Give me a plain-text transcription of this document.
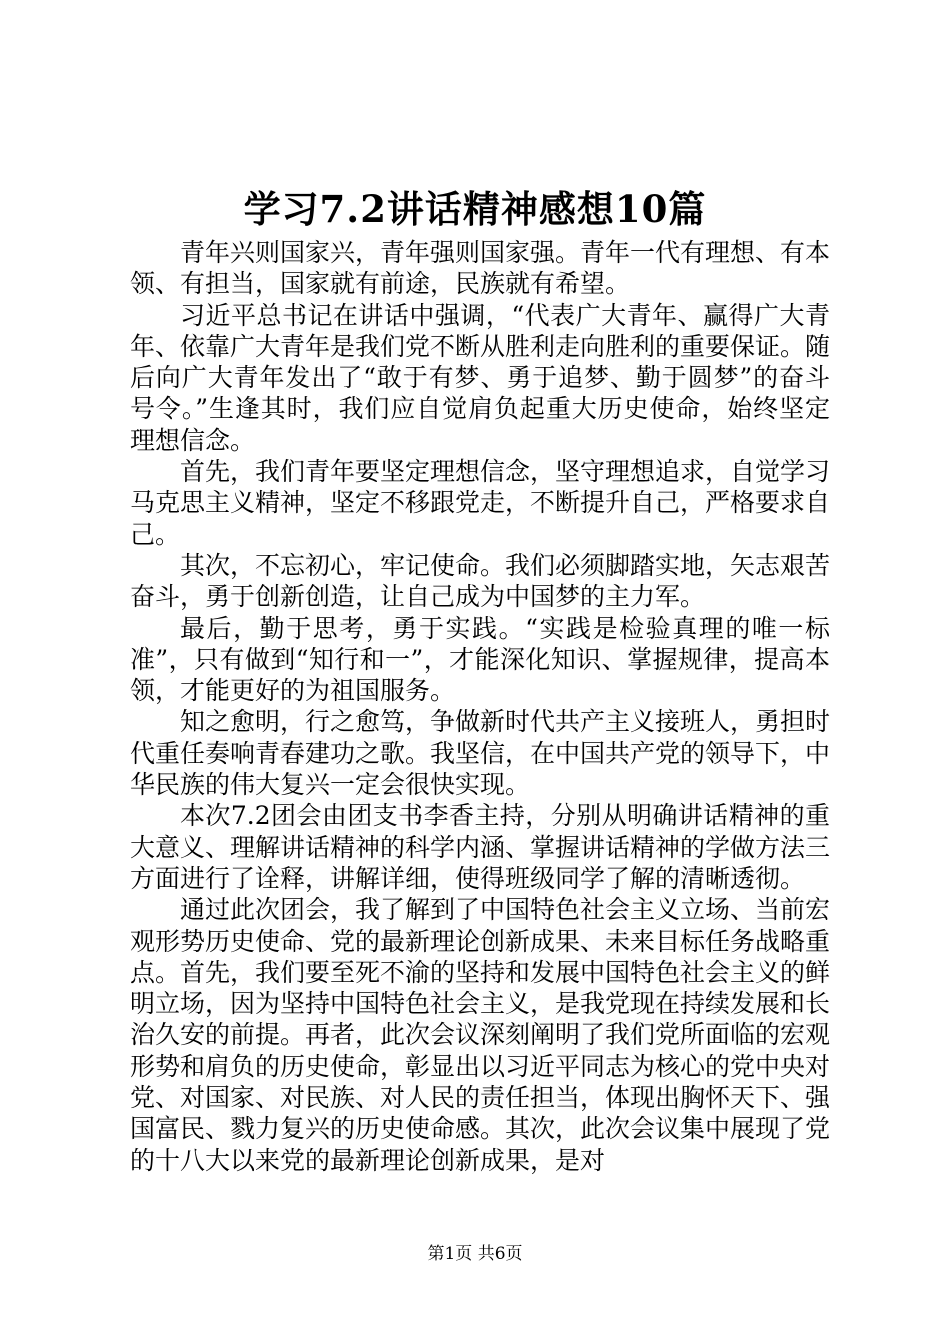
学习7.2讲话精神感想10篇

青年兴则国家兴，青年强则国家强。青年一代有理想、有本领、有担当，国家就有前途，民族就有希望。

习近平总书记在讲话中强调，“代表广大青年、赢得广大青年、依靠广大青年是我们党不断从胜利走向胜利的重要保证。随后向广大青年发出了“敢于有梦、勇于追梦、勤于圆梦”的奋斗号令。”生逢其时，我们应自觉肩负起重大历史使命，始终坚定理想信念。

首先，我们青年要坚定理想信念，坚守理想追求，自觉学习马克思主义精神，坚定不移跟党走，不断提升自己，严格要求自己。

其次，不忘初心，牢记使命。我们必须脚踏实地，矢志艰苦奋斗，勇于创新创造，让自己成为中国梦的主力军。

最后，勤于思考，勇于实践。“实践是检验真理的唯一标准”，只有做到“知行和一”，才能深化知识、掌握规律，提高本领，才能更好的为祖国服务。

知之愈明，行之愈笃，争做新时代共产主义接班人，勇担时代重任奏响青春建功之歌。我坚信，在中国共产党的领导下，中华民族的伟大复兴一定会很快实现。

本次7.2团会由团支书李香主持，分别从明确讲话精神的重大意义、理解讲话精神的科学内涵、掌握讲话精神的学做方法三方面进行了诠释，讲解详细，使得班级同学了解的清晰透彻。

通过此次团会，我了解到了中国特色社会主义立场、当前宏观形势历史使命、党的最新理论创新成果、未来目标任务战略重点。首先，我们要至死不渝的坚持和发展中国特色社会主义的鲜明立场，因为坚持中国特色社会主义，是我党现在持续发展和长治久安的前提。再者，此次会议深刻阐明了我们党所面临的宏观形势和肩负的历史使命，彰显出以习近平同志为核心的党中央对党、对国家、对民族、对人民的责任担当，体现出胸怀天下、强国富民、戮力复兴的历史使命感。其次，此次会议集中展现了党的十八大以来党的最新理论创新成果，是对

第1页 共6页
